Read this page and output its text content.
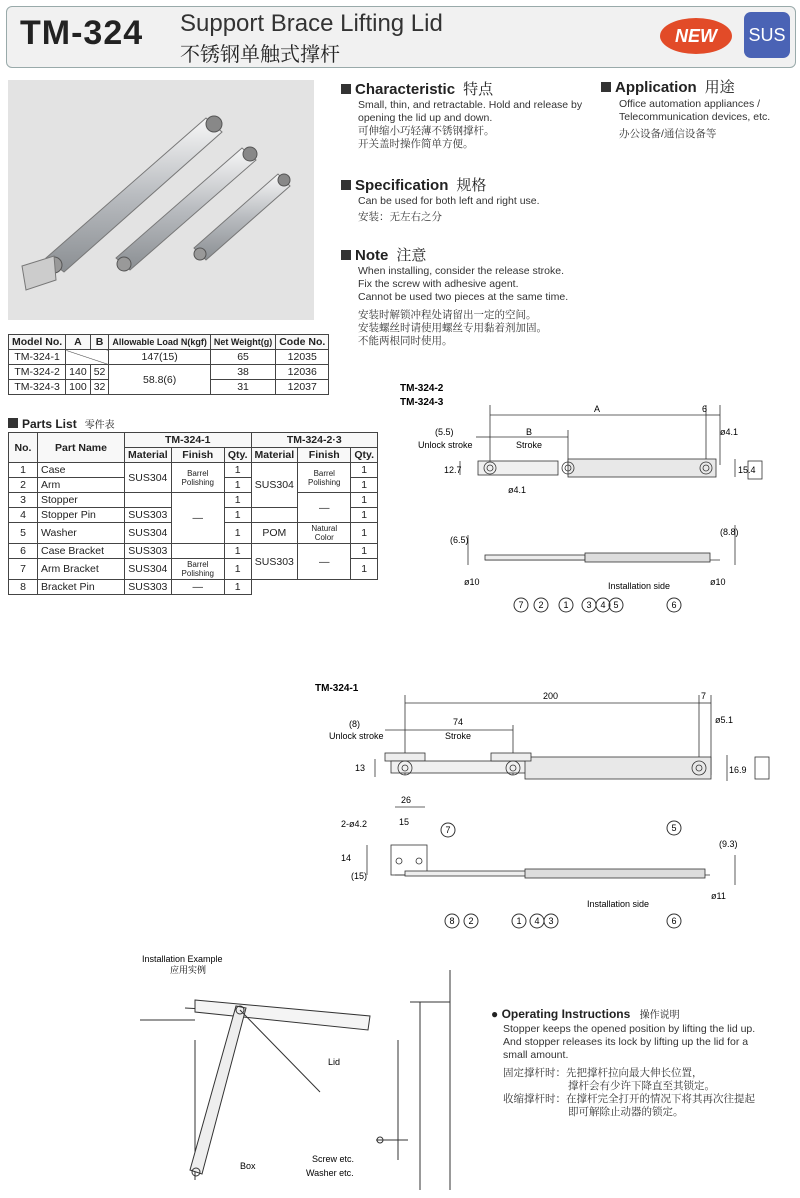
TM-324 Support Brace Lifting Lid
不锈钢单触式撑杆
NEW	SUS
Characteristic 特点
Small, thin, and retractable. Hold and release by
opening the lid up and down.
可伸缩小巧轻薄不锈钢撑杆。
开关盖时操作简单方便。
Application 用途
Office automation appliances /
Telecommunication devices, etc.
办公设备/通信设备等
Specification 规格
Can be used for both left and right use.
安装：无左右之分
Note 注意
When installing, consider the release stroke.
Fix the screw with adhesive agent.
Cannot be used two pieces at the same time.
安装时解锁冲程处请留出一定的空间。
安装螺丝时请使用螺丝专用黏着剂加固。
不能两根同时使用。
Model No.	A	B	Allowable Load N(kgf)	Net Weight(g)	Code No.
TM-324-1			147(15)	65	12035
TM-324-2	140	52	58.8(6)	38	12036
TM-324-3	100	32		31	12037
Parts List 零件表
No.	Part Name	TM-324-1			TM-324-2·3		
		Material	Finish	Qty.	Material	Finish	Qty.
1	Case	SUS304	Barrel Polishing	1	SUS304	Barrel Polishing	1
2	Arm			1			1
3	Stopper		—	1		—	1
4	Stopper Pin	SUS303		1			1
5	Washer	SUS304		1	POM	Natural Color	1
6	Case Bracket	SUS303		1	SUS303	—	1
7	Arm Bracket	SUS304	Barrel Polishing	1			1
8	Bracket Pin	SUS303	—	1			
TM-324-2
TM-324-3
A	6
ø4.1
(5.5)
Unlock stroke
B
Stroke
12.7	15.4
ø4.1
(6.5)
(8.8)
ø10	ø10
Installation side
7 2 1 3 4 5	6
TM-324-1
200	7
ø5.1
(8)
Unlock stroke
74
Stroke
13	16.9
26
15
2-ø4.2
14
(15)
(9.3)
ø11
Installation side
7	5
8 2	1 4 3	6
Installation Example
应用实例
Lid
Box
Screw etc.
Washer etc.
● Operating Instructions 操作说明
Stopper keeps the opened position by lifting the lid up.
And stopper releases its lock by lifting up the lid for a
small amount.
固定撑杆时：先把撑杆拉向最大伸长位置，
撑杆会有少许下降直至其锁定。
收缩撑杆时：在撑杆完全打开的情况下将其再次往提起
即可解除止动器的锁定。
